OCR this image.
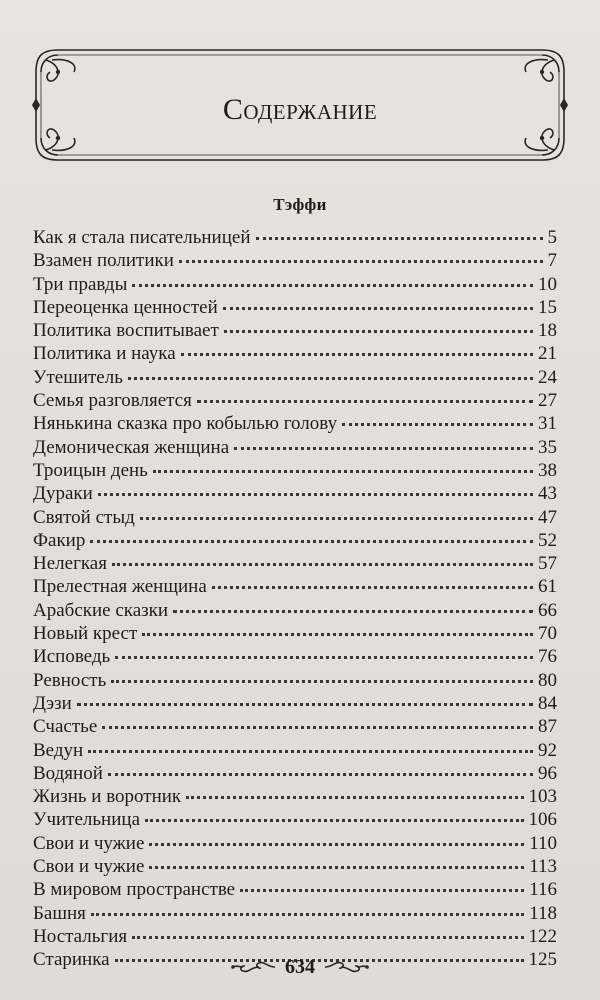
Содержание
Тэффи
Как я стала писательницей	5
Взамен политики	7
Три правды	10
Переоценка ценностей	15
Политика воспитывает	18
Политика и наука	21
Утешитель	24
Семья разговляется	27
Нянькина сказка про кобылью голову	31
Демоническая женщина	35
Троицын день	38
Дураки	43
Святой стыд	47
Факир	52
Нелегкая	57
Прелестная женщина	61
Арабские сказки	66
Новый крест	70
Исповедь	76
Ревность	80
Дэзи	84
Счастье	87
Ведун	92
Водяной	96
Жизнь и воротник	103
Учительница	106
Свои и чужие	110
Свои и чужие	113
В мировом пространстве	116
Башня	118
Ностальгия	122
Старинка	125
634
